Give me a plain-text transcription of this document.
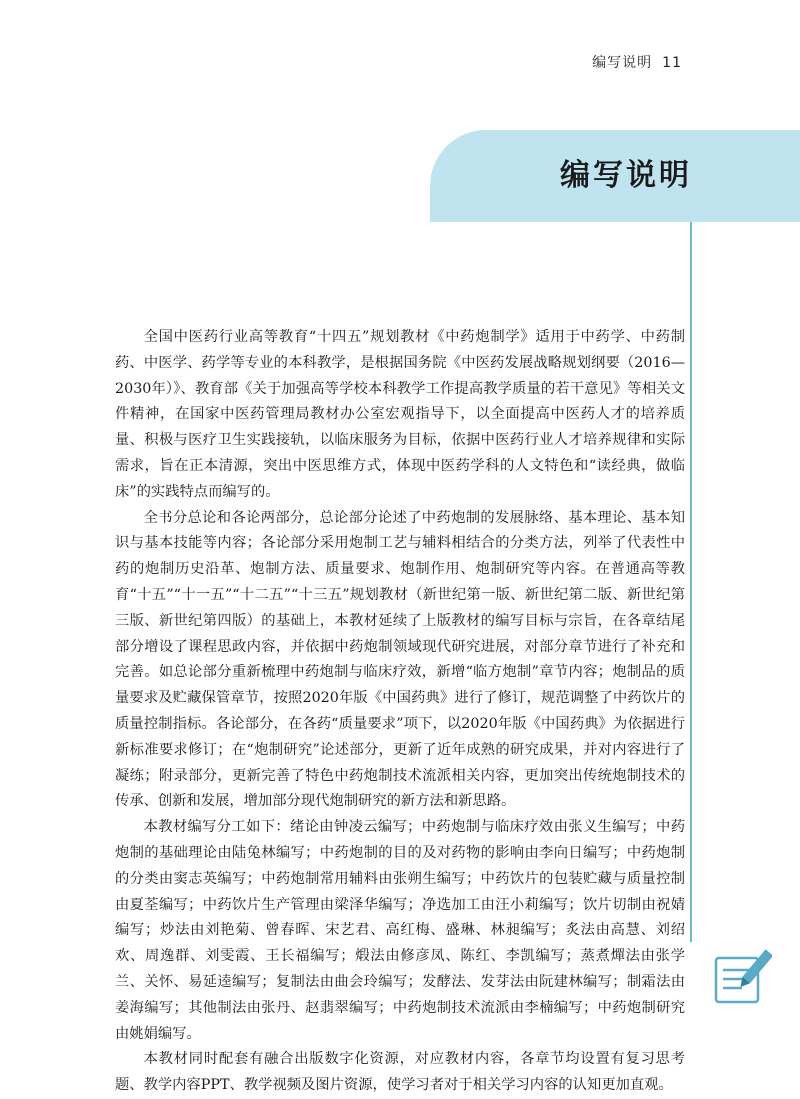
编写说明 11
编写说明

全国中医药行业高等教育“十四五”规划教材《中药炮制学》适用于中药学、中药制药、中医学、药学等专业的本科教学，是根据国务院《中医药发展战略规划纲要（2016—2030年）》、教育部《关于加强高等学校本科教学工作提高教学质量的若干意见》等相关文件精神，在国家中医药管理局教材办公室宏观指导下，以全面提高中医药人才的培养质量、积极与医疗卫生实践接轨，以临床服务为目标，依据中医药行业人才培养规律和实际需求，旨在正本清源，突出中医思维方式，体现中医药学科的人文特色和“读经典，做临床”的实践特点而编写的。

全书分总论和各论两部分，总论部分论述了中药炮制的发展脉络、基本理论、基本知识与基本技能等内容；各论部分采用炮制工艺与辅料相结合的分类方法，列举了代表性中药的炮制历史沿革、炮制方法、质量要求、炮制作用、炮制研究等内容。在普通高等教育“十五”“十一五”“十二五”“十三五”规划教材（新世纪第一版、新世纪第二版、新世纪第三版、新世纪第四版）的基础上，本教材延续了上版教材的编写目标与宗旨，在各章结尾部分增设了课程思政内容，并依据中药炮制领域现代研究进展，对部分章节进行了补充和完善。如总论部分重新梳理中药炮制与临床疗效，新增“临方炮制”章节内容；炮制品的质量要求及贮藏保管章节，按照2020年版《中国药典》进行了修订，规范调整了中药饮片的质量控制指标。各论部分，在各药“质量要求”项下，以2020年版《中国药典》为依据进行新标准要求修订；在“炮制研究”论述部分，更新了近年成熟的研究成果，并对内容进行了凝练；附录部分，更新完善了特色中药炮制技术流派相关内容，更加突出传统炮制技术的传承、创新和发展，增加部分现代炮制研究的新方法和新思路。

本教材编写分工如下：绪论由钟凌云编写；中药炮制与临床疗效由张义生编写；中药炮制的基础理论由陆兔林编写；中药炮制的目的及对药物的影响由李向日编写；中药炮制的分类由窦志英编写；中药炮制常用辅料由张朔生编写；中药饮片的包装贮藏与质量控制由夏荃编写；中药饮片生产管理由梁泽华编写；净选加工由汪小莉编写；饮片切制由祝婧编写；炒法由刘艳菊、曾春晖、宋艺君、高红梅、盛琳、林昶编写；炙法由高慧、刘绍欢、周逸群、刘雯霞、王长福编写；煅法由修彦凤、陈红、李凯编写；蒸煮燀法由张学兰、关怀、易延逵编写；复制法由曲会玲编写；发酵法、发芽法由阮建林编写；制霜法由姜海编写；其他制法由张丹、赵翡翠编写；中药炮制技术流派由李楠编写；中药炮制研究由姚娟编写。

本教材同时配套有融合出版数字化资源，对应教材内容，各章节均设置有复习思考题、教学内容PPT、教学视频及图片资源，使学习者对于相关学习内容的认知更加直观。
